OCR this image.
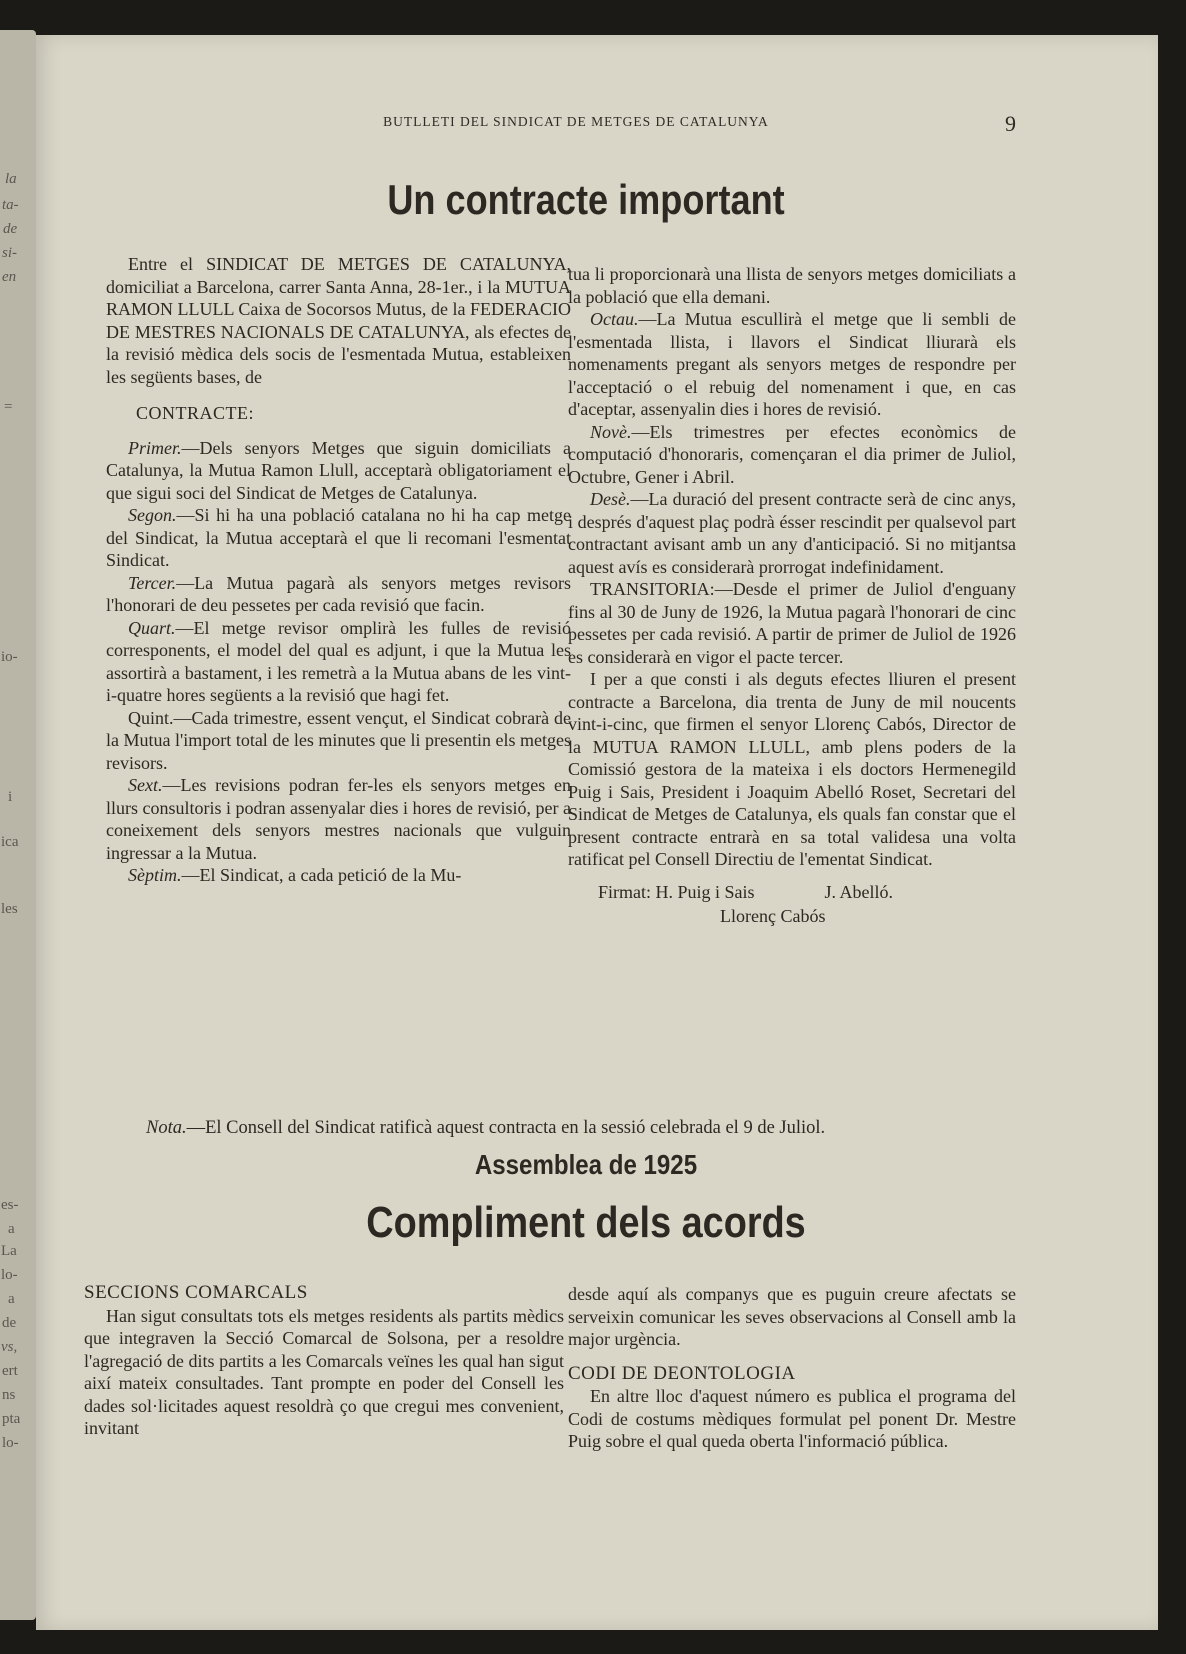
la
ta-
de
si-
en
=
io-
i
ica
les
es-
a
La
lo-
a
de
vs,
ert
ns
pta
lo-
BUTLLETI DEL SINDICAT DE METGES DE CATALUNYA	9
Un contracte important

Entre el SINDICAT DE METGES DE CATALUNYA, domiciliat a Barcelona, carrer Santa Anna, 28-1er., i la MUTUA RAMON LLULL Caixa de Socorsos Mutus, de la FEDERACIO DE MESTRES NACIONALS DE CATALUNYA, als efectes de la revisió mèdica dels socis de l'esmentada Mutua, estableixen les següents bases, de

CONTRACTE:

Primer.—Dels senyors Metges que siguin domiciliats a Catalunya, la Mutua Ramon Llull, acceptarà obligatoriament el que sigui soci del Sindicat de Metges de Catalunya.

Segon.—Si hi ha una població catalana no hi ha cap metge del Sindicat, la Mutua acceptarà el que li recomani l'esmentat Sindicat.

Tercer.—La Mutua pagarà als senyors metges revisors l'honorari de deu pessetes per cada revisió que facin.

Quart.—El metge revisor omplirà les fulles de revisió corresponents, el model del qual es adjunt, i que la Mutua les assortirà a bastament, i les remetrà a la Mutua abans de les vint-i-quatre hores següents a la revisió que hagi fet.

Quint.—Cada trimestre, essent vençut, el Sindicat cobrarà de la Mutua l'import total de les minutes que li presentin els metges revisors.

Sext.—Les revisions podran fer-les els senyors metges en llurs consultoris i podran assenyalar dies i hores de revisió, per a coneixement dels senyors mestres nacionals que vulguin ingressar a la Mutua.

Sèptim.—El Sindicat, a cada petició de la Mu-

tua li proporcionarà una llista de senyors metges domiciliats a la població que ella demani.

Octau.—La Mutua escullirà el metge que li sembli de l'esmentada llista, i llavors el Sindicat lliurarà els nomenaments pregant als senyors metges de respondre per l'acceptació o el rebuig del nomenament i que, en cas d'aceptar, assenyalin dies i hores de revisió.

Novè.—Els trimestres per efectes econòmics de computació d'honoraris, començaran el dia primer de Juliol, Octubre, Gener i Abril.

Desè.—La duració del present contracte serà de cinc anys, i després d'aquest plaç podrà ésser rescindit per qualsevol part contractant avisant amb un any d'anticipació. Si no mitjantsa aquest avís es considerarà prorrogat indefinidament.

TRANSITORIA:—Desde el primer de Juliol d'enguany fins al 30 de Juny de 1926, la Mutua pagarà l'honorari de cinc pessetes per cada revisió. A partir de primer de Juliol de 1926 es considerarà en vigor el pacte tercer.

I per a que consti i als deguts efectes lliuren el present contracte a Barcelona, dia trenta de Juny de mil noucents vint-i-cinc, que firmen el senyor Llorenç Cabós, Director de la MUTUA RAMON LLULL, amb plens poders de la Comissió gestora de la mateixa i els doctors Hermenegild Puig i Sais, President i Joaquim Abelló Roset, Secretari del Sindicat de Metges de Catalunya, els quals fan constar que el present contracte entrarà en sa total validesa una volta ratificat pel Consell Directiu de l'ementat Sindicat.

Firmat: H. Puig i Sais	J. Abelló.

Llorenç Cabós

Nota.—El Consell del Sindicat ratificà aquest contracta en la sessió celebrada el 9 de Juliol.
Assemblea de 1925
Compliment dels acords

SECCIONS COMARCALS

Han sigut consultats tots els metges residents als partits mèdics que integraven la Secció Comarcal de Solsona, per a resoldre l'agregació de dits partits a les Comarcals veïnes les qual han sigut així mateix consultades. Tant prompte en poder del Consell les dades sol·licitades aquest resoldrà ço que cregui mes convenient, invitant

desde aquí als companys que es puguin creure afectats se serveixin comunicar les seves observacions al Consell amb la major urgència.

CODI DE DEONTOLOGIA

En altre lloc d'aquest número es publica el programa del Codi de costums mèdiques formulat pel ponent Dr. Mestre Puig sobre el qual queda oberta l'informació pública.
